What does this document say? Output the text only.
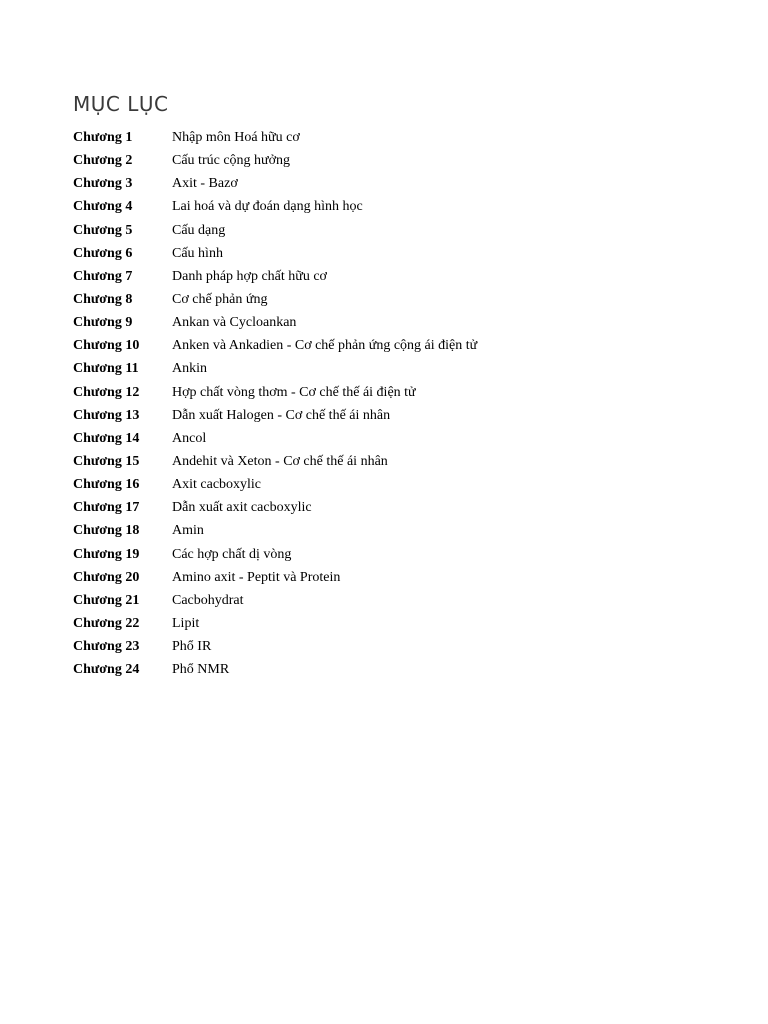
MỤC LỤC
Chương 1	Nhập môn Hoá hữu cơ
Chương 2	Cấu trúc cộng hưởng
Chương 3	Axit - Bazơ
Chương 4	Lai hoá và dự đoán dạng hình học
Chương 5	Cấu dạng
Chương 6	Cấu hình
Chương 7	Danh pháp hợp chất hữu cơ
Chương 8	Cơ chế phản ứng
Chương 9	Ankan và Cycloankan
Chương 10	Anken và Ankadien - Cơ chế phản ứng cộng ái điện tử
Chương 11	Ankin
Chương 12	Hợp chất vòng thơm - Cơ chế thế ái điện tử
Chương 13	Dẫn xuất Halogen - Cơ chế thế ái nhân
Chương 14	Ancol
Chương 15	Andehit và Xeton - Cơ chế thế ái nhân
Chương 16	Axit cacboxylic
Chương 17	Dẫn xuất axit cacboxylic
Chương 18	Amin
Chương 19	Các hợp chất dị vòng
Chương 20	Amino axit - Peptit và Protein
Chương 21	Cacbohydrat
Chương 22	Lipit
Chương 23	Phổ IR
Chương 24	Phổ NMR
